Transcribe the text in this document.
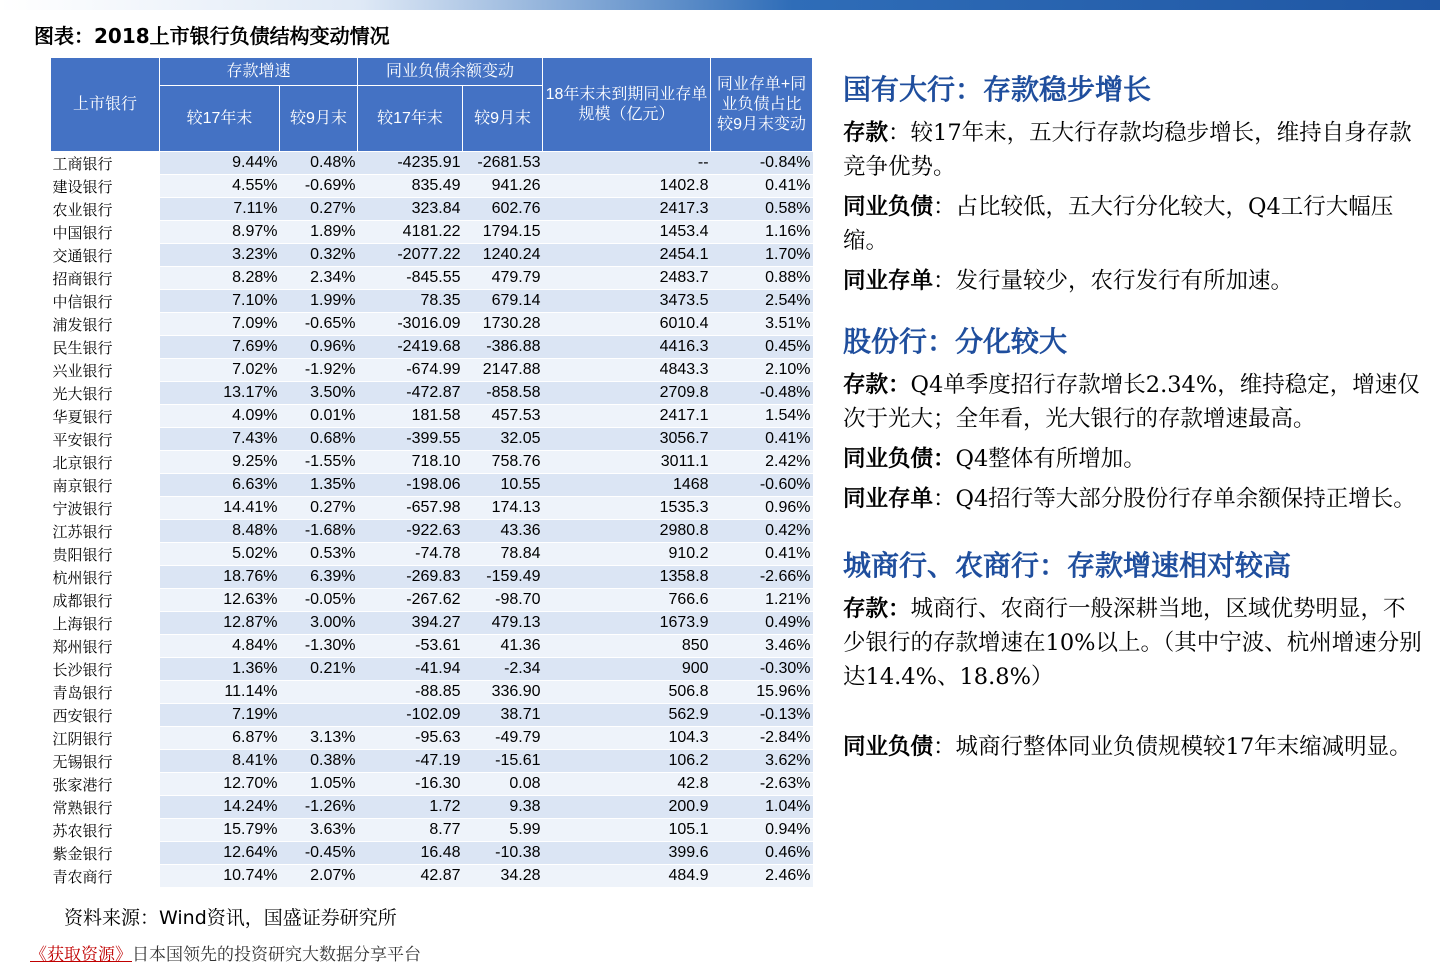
图表：2018上市银行负债结构变动情况
上市银行	存款增速		同业负债余额变动		18年末未到期同业存单规模（亿元）	同业存单+同业负债占比较9月末变动
	较17年末	较9月末	较17年末	较9月末		
工商银行	9.44%	0.48%	-4235.91	-2681.53	--	-0.84%
建设银行	4.55%	-0.69%	835.49	941.26	1402.8	0.41%
农业银行	7.11%	0.27%	323.84	602.76	2417.3	0.58%
中国银行	8.97%	1.89%	4181.22	1794.15	1453.4	1.16%
交通银行	3.23%	0.32%	-2077.22	1240.24	2454.1	1.70%
招商银行	8.28%	2.34%	-845.55	479.79	2483.7	0.88%
中信银行	7.10%	1.99%	78.35	679.14	3473.5	2.54%
浦发银行	7.09%	-0.65%	-3016.09	1730.28	6010.4	3.51%
民生银行	7.69%	0.96%	-2419.68	-386.88	4416.3	0.45%
兴业银行	7.02%	-1.92%	-674.99	2147.88	4843.3	2.10%
光大银行	13.17%	3.50%	-472.87	-858.58	2709.8	-0.48%
华夏银行	4.09%	0.01%	181.58	457.53	2417.1	1.54%
平安银行	7.43%	0.68%	-399.55	32.05	3056.7	0.41%
北京银行	9.25%	-1.55%	718.10	758.76	3011.1	2.42%
南京银行	6.63%	1.35%	-198.06	10.55	1468	-0.60%
宁波银行	14.41%	0.27%	-657.98	174.13	1535.3	0.96%
江苏银行	8.48%	-1.68%	-922.63	43.36	2980.8	0.42%
贵阳银行	5.02%	0.53%	-74.78	78.84	910.2	0.41%
杭州银行	18.76%	6.39%	-269.83	-159.49	1358.8	-2.66%
成都银行	12.63%	-0.05%	-267.62	-98.70	766.6	1.21%
上海银行	12.87%	3.00%	394.27	479.13	1673.9	0.49%
郑州银行	4.84%	-1.30%	-53.61	41.36	850	3.46%
长沙银行	1.36%	0.21%	-41.94	-2.34	900	-0.30%
青岛银行	11.14%		-88.85	336.90	506.8	15.96%
西安银行	7.19%		-102.09	38.71	562.9	-0.13%
江阴银行	6.87%	3.13%	-95.63	-49.79	104.3	-2.84%
无锡银行	8.41%	0.38%	-47.19	-15.61	106.2	3.62%
张家港行	12.70%	1.05%	-16.30	0.08	42.8	-2.63%
常熟银行	14.24%	-1.26%	1.72	9.38	200.9	1.04%
苏农银行	15.79%	3.63%	8.77	5.99	105.1	0.94%
紫金银行	12.64%	-0.45%	16.48	-10.38	399.6	0.46%
青农商行	10.74%	2.07%	42.87	34.28	484.9	2.46%
资料来源：Wind资讯，国盛证券研究所
《获取资源》日本国领先的投资研究大数据分享平台
国有大行：存款稳步增长
存款：较17年末，五大行存款均稳步增长，维持自身存款竞争优势。
同业负债：占比较低，五大行分化较大，Q4工行大幅压缩。
同业存单：发行量较少，农行发行有所加速。
股份行：分化较大
存款：Q4单季度招行存款增长2.34%，维持稳定，增速仅次于光大；全年看，光大银行的存款增速最高。
同业负债：Q4整体有所增加。
同业存单：Q4招行等大部分股份行存单余额保持正增长。
城商行、农商行：存款增速相对较高
存款：城商行、农商行一般深耕当地，区域优势明显，不少银行的存款增速在10%以上。（其中宁波、杭州增速分别达14.4%、18.8%）
同业负债：城商行整体同业负债规模较17年末缩减明显。
